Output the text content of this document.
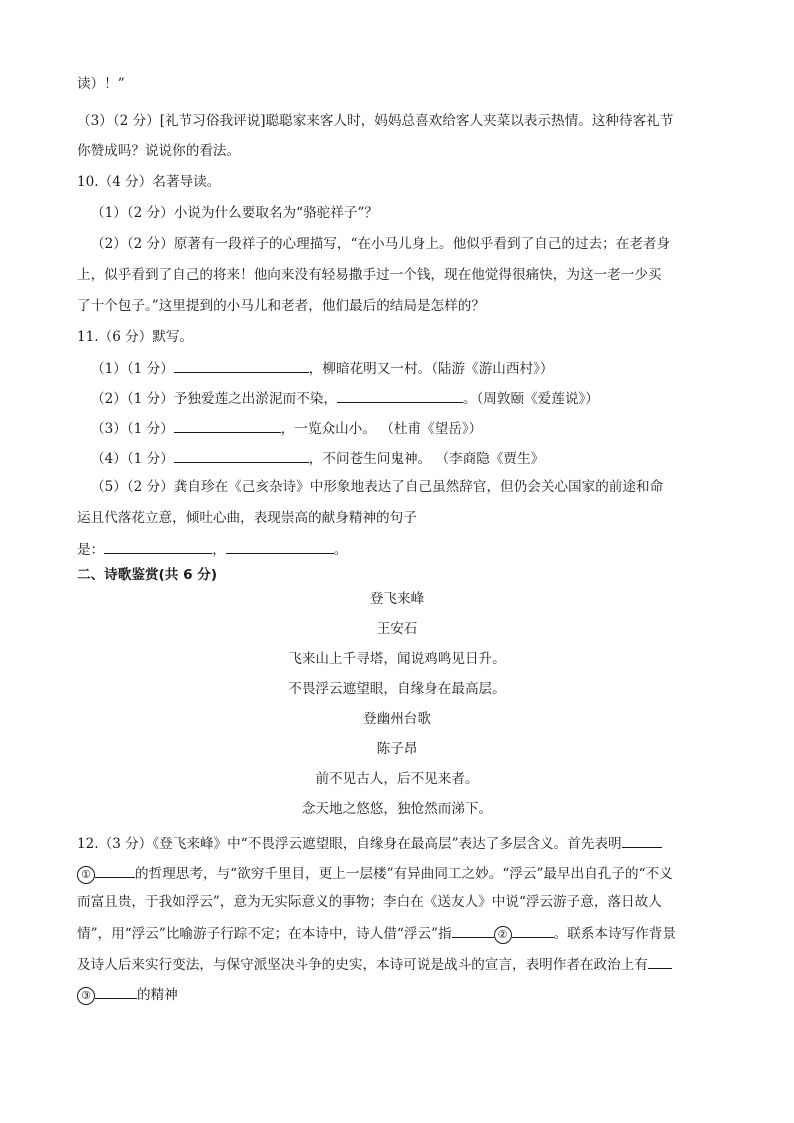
读）！”
（3）（2 分）[礼节习俗我评说]聪聪家来客人时，妈妈总喜欢给客人夹菜以表示热情。这种待客礼节
你赞成吗？说说你的看法。
10.（4 分）名著导读。
（1）（2 分）小说为什么要取名为“骆驼祥子”？
（2）（2 分）原著有一段祥子的心理描写，“在小马儿身上。他似乎看到了自己的过去；在老者身
上，似乎看到了自己的将来！他向来没有轻易撒手过一个钱，现在他觉得很痛快，为这一老一少买
了十个包子。”这里提到的小马儿和老者，他们最后的结局是怎样的？
11.（6 分）默写。
（1）（1 分）	，柳暗花明又一村。（陆游《游山西村》）
（2）（1 分）予独爱莲之出淤泥而不染，	。（周敦颐《爱莲说》）
（3）（1 分）	，一览众山小。 （杜甫《望岳》）
（4）（1 分）	，不问苍生问鬼神。 （李商隐《贾生》
（5）（2 分）龚自珍在《己亥杂诗》中形象地表达了自己虽然辞官，但仍会关心国家的前途和命
运且代落花立意，倾吐心曲，表现崇高的献身精神的句子
是：	，	。
二、诗歌鉴赏(共 6 分)
登飞来峰
王安石
飞来山上千寻塔，闻说鸡鸣见日升。
不畏浮云遮望眼，自缘身在最高层。
登幽州台歌
陈子昂
前不见古人，后不见来者。
念天地之悠悠，独怆然而涕下。
12.（3 分）《登飞来峰》中“不畏浮云遮望眼，自缘身在最高层”表达了多层含义。首先表明
①	的哲理思考，与“欲穷千里目，更上一层楼”有异曲同工之妙。“浮云”最早出自孔子的“不义
而富且贵，于我如浮云”，意为无实际意义的事物；李白在《送友人》中说“浮云游子意，落日故人
情”，用“浮云”比喻游子行踪不定；在本诗中，诗人借“浮云”指	②	。联系本诗写作背景
及诗人后来实行变法，与保守派坚决斗争的史实，本诗可说是战斗的宣言，表明作者在政治上有
③	的精神
